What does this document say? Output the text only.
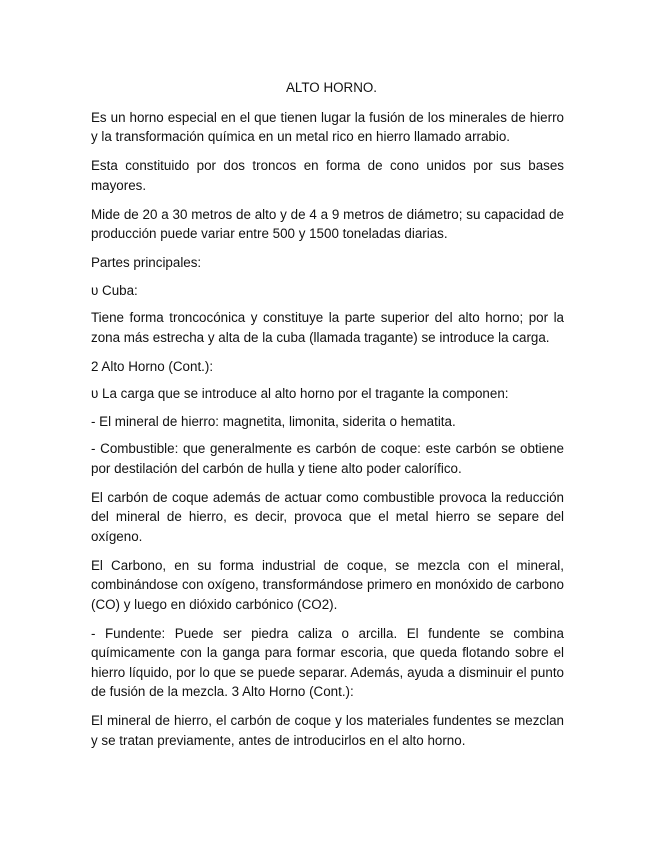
ALTO HORNO.

Es un horno especial en el que tienen lugar la fusión de los minerales de hierro y la transformación química en un metal rico en hierro llamado arrabio.

Esta constituido por dos troncos en forma de cono unidos por sus bases mayores.

Mide de 20 a 30 metros de alto y de 4 a 9 metros de diámetro; su capacidad de producción puede variar entre 500 y 1500 toneladas diarias.

Partes principales:

υ Cuba:

Tiene forma troncocónica y constituye la parte superior del alto horno; por la zona más estrecha y alta de la cuba (llamada tragante) se introduce la carga.

2 Alto Horno (Cont.):

υ La carga que se introduce al alto horno por el tragante la componen:

- El mineral de hierro: magnetita, limonita, siderita o hematita.

- Combustible: que generalmente es carbón de coque: este carbón se obtiene por destilación del carbón de hulla y tiene alto poder calorífico.

El carbón de coque además de actuar como combustible provoca la reducción del mineral de hierro, es decir, provoca que el metal hierro se separe del oxígeno.

El Carbono, en su forma industrial de coque, se mezcla con el mineral, combinándose con oxígeno, transformándose primero en monóxido de carbono (CO) y luego en dióxido carbónico (CO2).

- Fundente: Puede ser piedra caliza o arcilla. El fundente se combina químicamente con la ganga para formar escoria, que queda flotando sobre el hierro líquido, por lo que se puede separar. Además, ayuda a disminuir el punto de fusión de la mezcla. 3 Alto Horno (Cont.):

El mineral de hierro, el carbón de coque y los materiales fundentes se mezclan y se tratan previamente, antes de introducirlos en el alto horno.
